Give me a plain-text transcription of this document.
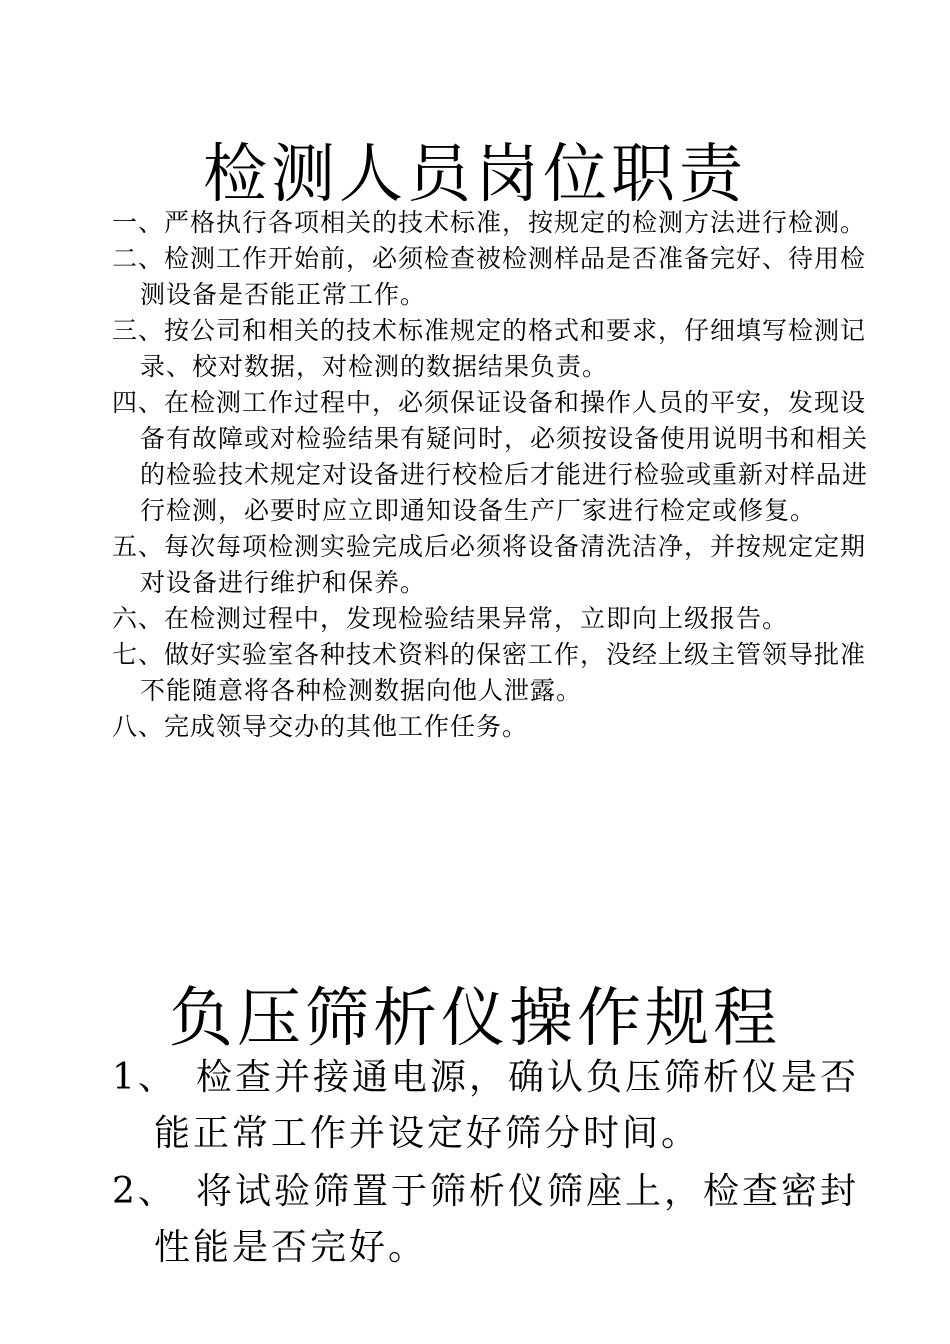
检测人员岗位职责
一、严格执行各项相关的技术标准，按规定的检测方法进行检测。
二、检测工作开始前，必须检查被检测样品是否准备完好、待用检测设备是否能正常工作。
三、按公司和相关的技术标准规定的格式和要求，仔细填写检测记录、校对数据，对检测的数据结果负责。
四、在检测工作过程中，必须保证设备和操作人员的平安，发现设备有故障或对检验结果有疑问时，必须按设备使用说明书和相关的检验技术规定对设备进行校检后才能进行检验或重新对样品进行检测，必要时应立即通知设备生产厂家进行检定或修复。
五、每次每项检测实验完成后必须将设备清洗洁净，并按规定定期对设备进行维护和保养。
六、在检测过程中，发现检验结果异常，立即向上级报告。
七、做好实验室各种技术资料的保密工作，没经上级主管领导批准不能随意将各种检测数据向他人泄露。
八、完成领导交办的其他工作任务。
负压筛析仪操作规程
1、 检查并接通电源，确认负压筛析仪是否能正常工作并设定好筛分时间。
2、 将试验筛置于筛析仪筛座上，检查密封性能是否完好。
